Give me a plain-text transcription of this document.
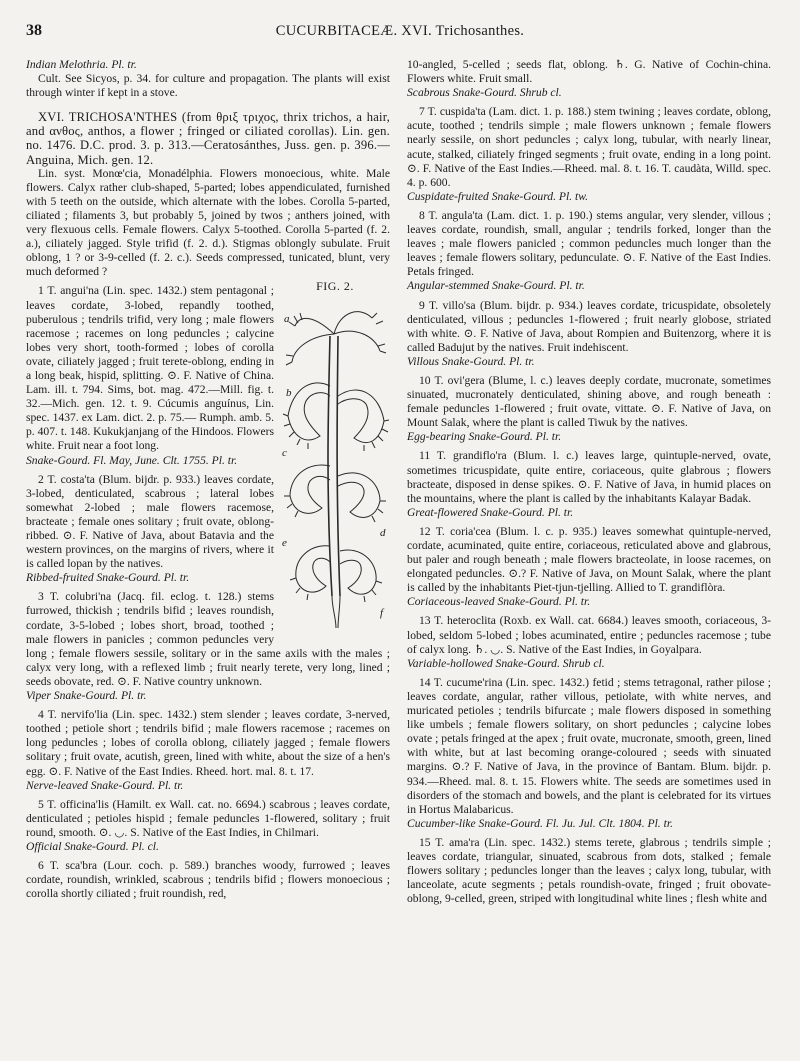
38	CUCURBITACEÆ. XVI. Trichosanthes.

Indian Melothria. Pl. tr.

Cult. See Sicyos, p. 34. for culture and propagation. The plants will exist through winter if kept in a stove.

XVI. TRICHOSA'NTHES (from θριξ τριχος, thrix trichos, a hair, and ανθος, anthos, a flower ; fringed or ciliated corollas). Lin. gen. no. 1476. D.C. prod. 3. p. 313.—Ceratosánthes, Juss. gen. p. 396.—Anguina, Mich. gen. 12.

Lin. syst. Monœ'cia, Monadélphia. Flowers monoecious, white. Male flowers. Calyx rather club-shaped, 5-parted; lobes appendiculated, furnished with 5 teeth on the outside, which alternate with the lobes. Corolla 5-parted, ciliated ; filaments 3, but probably 5, joined by twos ; anthers joined, with very flexuous cells. Female flowers. Calyx 5-toothed. Corolla 5-parted (f. 2. a.), ciliately jagged. Style trifid (f. 2. d.). Stigmas oblongly subulate. Fruit oblong, 1 ? or 3-9-celled (f. 2. c.). Seeds compressed, tunicated, blunt, very much deformed ?

FIG. 2.
a
b
c
d
e
f

1 T. angui'na (Lin. spec. 1432.) stem pentagonal ; leaves cordate, 3-lobed, repandly toothed, puberulous ; tendrils trifid, very long ; male flowers racemose ; racemes on long peduncles ; calycine lobes very short, tooth-formed ; lobes of corolla ovate, ciliately jagged ; fruit terete-oblong, ending in a long beak, hispid, splitting. ⊙. F. Native of China. Lam. ill. t. 794. Sims, bot. mag. 472.—Mill. fig. t. 32.—Mich. gen. 12. t. 9. Cúcumis anguínus, Lin. spec. 1437. ex Lam. dict. 2. p. 75.— Rumph. amb. 5. p. 407. t. 148. Kukukjanjang of the Hindoos. Flowers white. Fruit near a foot long.

Snake-Gourd. Fl. May, June. Clt. 1755. Pl. tr.

2 T. costa'ta (Blum. bijdr. p. 933.) leaves cordate, 3-lobed, denticulated, scabrous ; lateral lobes somewhat 2-lobed ; male flowers racemose, bracteate ; female ones solitary ; fruit ovate, oblong-ribbed. ⊙. F. Native of Java, about Batavia and the western provinces, on the margins of rivers, where it is called lopan by the natives.

Ribbed-fruited Snake-Gourd. Pl. tr.

3 T. colubri'na (Jacq. fil. eclog. t. 128.) stems furrowed, thickish ; tendrils bifid ; leaves roundish, cordate, 3-5-lobed ; lobes short, broad, toothed ; male flowers in panicles ; common peduncles very long ; female flowers sessile, solitary or in the same axils with the males ; calyx very long, with a reflexed limb ; fruit nearly terete, very long, lined ; seeds obovate, red. ⊙. F. Native country unknown.

Viper Snake-Gourd. Pl. tr.

4 T. nervifo'lia (Lin. spec. 1432.) stem slender ; leaves cordate, 3-nerved, toothed ; petiole short ; tendrils bifid ; male flowers racemose ; racemes on long peduncles ; lobes of corolla oblong, ciliately jagged ; female flowers solitary ; fruit ovate, acutish, green, lined with white, about the size of a hen's egg. ⊙. F. Native of the East Indies. Rheed. hort. mal. 8. t. 17.

Nerve-leaved Snake-Gourd. Pl. tr.

5 T. officina'lis (Hamilt. ex Wall. cat. no. 6694.) scabrous ; leaves cordate, denticulated ; petioles hispid ; female peduncles 1-flowered, solitary ; fruit round, smooth. ⊙. ◡. S. Native of the East Indies, in Chilmari.

Official Snake-Gourd. Pl. cl.

6 T. sca'bra (Lour. coch. p. 589.) branches woody, furrowed ; leaves cordate, roundish, wrinkled, scabrous ; tendrils bifid ; flowers monoecious ; corolla shortly ciliated ; fruit roundish, red,

10-angled, 5-celled ; seeds flat, oblong. ♄. G. Native of Cochin-china. Flowers white. Fruit small.

Scabrous Snake-Gourd. Shrub cl.

7 T. cuspida'ta (Lam. dict. 1. p. 188.) stem twining ; leaves cordate, oblong, acute, toothed ; tendrils simple ; male flowers unknown ; female flowers nearly sessile, on short peduncles ; calyx long, tubular, with nearly linear, acute, stalked, ciliately fringed segments ; fruit ovate, ending in a long point. ⊙. F. Native of the East Indies.—Rheed. mal. 8. t. 16. T. caudàta, Willd. spec. 4. p. 600.

Cuspidate-fruited Snake-Gourd. Pl. tw.

8 T. angula'ta (Lam. dict. 1. p. 190.) stems angular, very slender, villous ; leaves cordate, roundish, small, angular ; tendrils forked, longer than the leaves ; male flowers panicled ; common peduncles much longer than the leaves ; female flowers solitary, pedunculate. ⊙. F. Native of the East Indies. Petals fringed.

Angular-stemmed Snake-Gourd. Pl. tr.

9 T. villo'sa (Blum. bijdr. p. 934.) leaves cordate, tricuspidate, obsoletely denticulated, villous ; peduncles 1-flowered ; fruit nearly globose, striated with white. ⊙. F. Native of Java, about Rompien and Buitenzorg, where it is called Badujut by the natives. Fruit indehiscent.

Villous Snake-Gourd. Pl. tr.

10 T. ovi'gera (Blume, l. c.) leaves deeply cordate, mucronate, sometimes sinuated, mucronately denticulated, shining above, and rough beneath : female peduncles 1-flowered ; fruit ovate, vittate. ⊙. F. Native of Java, on Mount Salak, where the plant is called Tiwuk by the natives.

Egg-bearing Snake-Gourd. Pl. tr.

11 T. grandiflo'ra (Blum. l. c.) leaves large, quintuple-nerved, ovate, sometimes tricuspidate, quite entire, coriaceous, quite glabrous ; flowers bracteate, disposed in dense spikes. ⊙. F. Native of Java, in humid places on the mountains, where the plant is called by the inhabitants Kalayar Badak.

Great-flowered Snake-Gourd. Pl. tr.

12 T. coria'cea (Blum. l. c. p. 935.) leaves somewhat quintuple-nerved, cordate, acuminated, quite entire, coriaceous, reticulated above and glabrous, but paler and rough beneath ; male flowers bracteolate, in loose racemes, on elongated peduncles. ⊙.? F. Native of Java, on Mount Salak, where the plant is called by the inhabitants Piet-tjun-tjelling. Allied to T. grandiflòra.

Coriaceous-leaved Snake-Gourd. Pl. tr.

13 T. heteroclita (Roxb. ex Wall. cat. 6684.) leaves smooth, coriaceous, 3-lobed, seldom 5-lobed ; lobes acuminated, entire ; peduncles racemose ; tube of calyx long. ♄. ◡. S. Native of the East Indies, in Goyalpara.

Variable-hollowed Snake-Gourd. Shrub cl.

14 T. cucume'rina (Lin. spec. 1432.) fetid ; stems tetragonal, rather pilose ; leaves cordate, angular, rather villous, petiolate, with white nerves, and muricated petioles ; tendrils bifurcate ; male flowers disposed in something like umbels ; female flowers solitary, on short peduncles ; calycine lobes ovate ; petals fringed at the apex ; fruit ovate, mucronate, smooth, green, lined with white, but at last becoming orange-coloured ; seeds with sinuated margins. ⊙.? F. Native of Java, in the province of Bantam. Blum. bijdr. p. 934.—Rheed. mal. 8. t. 15. Flowers white. The seeds are sometimes used in disorders of the stomach and bowels, and the plant is celebrated for its virtues in Hortus Malabaricus.

Cucumber-like Snake-Gourd. Fl. Ju. Jul. Clt. 1804. Pl. tr.

15 T. ama'ra (Lin. spec. 1432.) stems terete, glabrous ; tendrils simple ; leaves cordate, triangular, sinuated, scabrous from dots, stalked ; female flowers solitary ; peduncles longer than the leaves ; calyx long, tubular, with lanceolate, acute segments ; petals roundish-ovate, fringed ; fruit obovate-oblong, 9-celled, green, striped with longitudinal white lines ; flesh white and
